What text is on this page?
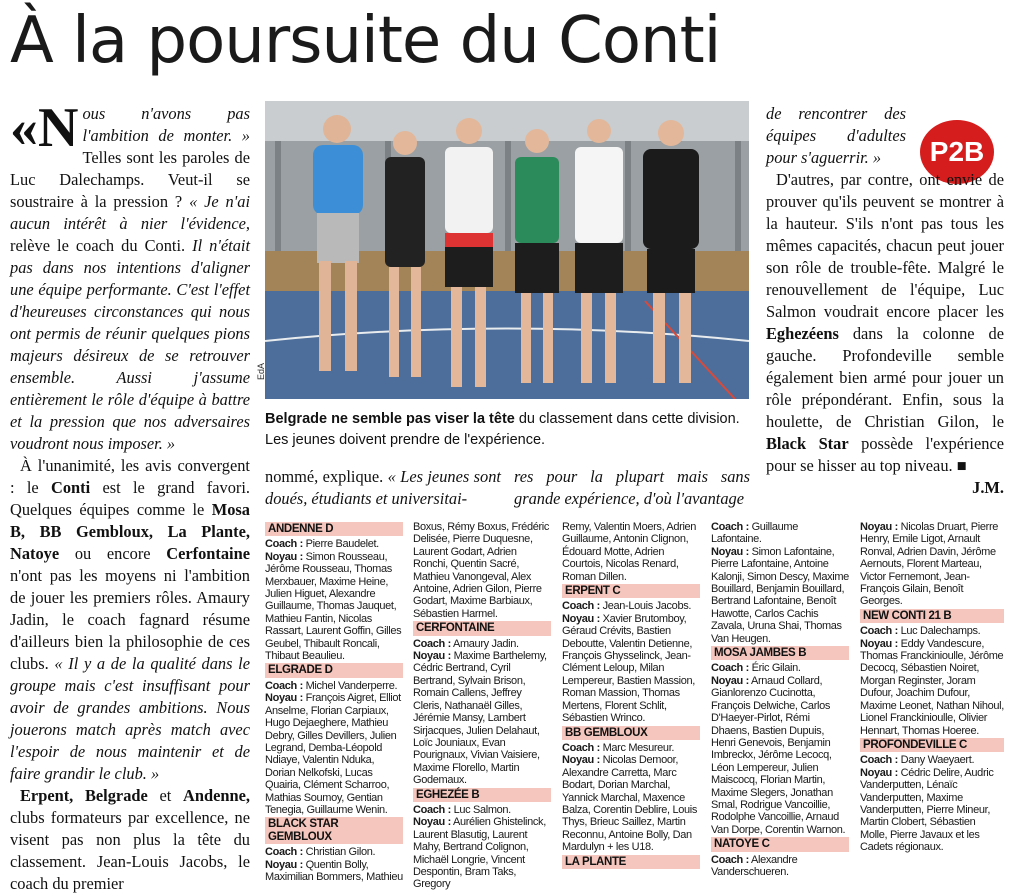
À la poursuite du Conti

«N ous n'avons pas l'ambition de monter. » Telles sont les paroles de Luc Dalechamps. Veut-il se soustraire à la pression ? « Je n'ai aucun intérêt à nier l'évidence, relève le coach du Conti. Il n'était pas dans nos intentions d'aligner une équipe performante. C'est l'effet d'heureuses circonstances qui nous ont permis de réunir quelques pions majeurs désireux de se retrouver ensemble. Aussi j'assume entièrement le rôle d'équipe à battre et la pression que nos adversaires voudront nous imposer. »

À l'unanimité, les avis convergent : le Conti est le grand favori. Quelques équipes comme le Mosa B, BB Gembloux, La Plante, Natoye ou encore Cerfontaine n'ont pas les moyens ni l'ambition de jouer les premiers rôles. Amaury Jadin, le coach fagnard résume d'ailleurs bien la philosophie de ces clubs. « Il y a de la qualité dans le groupe mais c'est insuffisant pour avoir de grandes ambitions. Nous jouerons match après match avec l'espoir de nous maintenir et de faire grandir le club. »

Erpent, Belgrade et Andenne, clubs formateurs par excellence, ne visent pas non plus la tête du classement. Jean-Louis Jacobs, le coach du premier

EdA
Belgrade ne semble pas viser la tête du classement dans cette division. Les jeunes doivent prendre de l'expérience.
nommé, explique. « Les jeunes sont doués, étudiants et universitai-
res pour la plupart mais sans grande expérience, d'où l'avantage
P2B

de rencontrer des équipes d'adultes pour s'aguerrir. »

D'autres, par contre, ont envie de prouver qu'ils peuvent se montrer à la hauteur. S'ils n'ont pas tous les mêmes capacités, chacun peut jouer son rôle de trouble-fête. Malgré le renouvellement de l'équipe, Luc Salmon voudrait encore placer les Eghezéens dans la colonne de gauche. Profondeville semble également bien armé pour jouer un rôle prépondérant. Enfin, sous la houlette, de Christian Gilon, le Black Star possède l'expérience pour se hisser au top niveau. ■
J.M.

ANDENNE D

Coach : Pierre Baudelet.
Noyau : Simon Rousseau, Jérôme Rousseau, Thomas Merxbauer, Maxime Heine, Julien Higuet, Alexandre Guillaume, Thomas Jauquet, Mathieu Fantin, Nicolas Rassart, Laurent Goffin, Gilles Geubel, Thibault Roncali, Thibaut Beaulieu.

ELGRADE D

Coach : Michel Vanderperre.
Noyau : François Aigret, Elliot Anselme, Florian Carpiaux, Hugo Dejaeghere, Mathieu Debry, Gilles Devillers, Julien Legrand, Demba-Léopold Ndiaye, Valentin Nduka, Dorian Nelkofski, Lucas Quairia, Clément Scharroo, Mathias Soumoy, Gentian Tenegia, Guillaume Wenin.

BLACK STAR GEMBLOUX

Coach : Christian Gilon.
Noyau : Quentin Bolly, Maximilian Bommers, Mathieu

Boxus, Rémy Boxus, Frédéric Delisée, Pierre Duquesne, Laurent Godart, Adrien Ronchi, Quentin Sacré, Mathieu Vanongeval, Alex Antoine, Adrien Gilon, Pierre Godart, Maxime Barbiaux, Sébastien Harmel.

CERFONTAINE

Coach : Amaury Jadin.
Noyau : Maxime Barthelemy, Cédric Bertrand, Cyril Bertrand, Sylvain Brison, Romain Callens, Jeffrey Cleris, Nathanaël Gilles, Jérémie Mansy, Lambert Sirjacques, Julien Delahaut, Loïc Jouniaux, Evan Pourignaux, Vivian Vaisiere, Maxime Florello, Martin Godemaux.

EGHEZÉE B

Coach : Luc Salmon.
Noyau : Aurélien Ghistelinck, Laurent Blasutig, Laurent Mahy, Bertrand Colignon, Michaël Longrie, Vincent Despontin, Bram Taks, Gregory

Remy, Valentin Moers, Adrien Guillaume, Antonin Clignon, Édouard Motte, Adrien Courtois, Nicolas Renard, Roman Dillen.

ERPENT C

Coach : Jean-Louis Jacobs.
Noyau : Xavier Brutomboy, Géraud Crévits, Bastien Deboutte, Valentin Detienne, François Ghysselinck, Jean-Clément Leloup, Milan Lempereur, Bastien Massion, Roman Massion, Thomas Mertens, Florent Schlit, Sébastien Wrinco.

BB GEMBLOUX

Coach : Marc Mesureur.
Noyau : Nicolas Demoor, Alexandre Carretta, Marc Bodart, Dorian Marchal, Yannick Marchal, Maxence Balza, Corentin Deblire, Louis Thys, Brieuc Saillez, Martin Reconnu, Antoine Bolly, Dan Mardulyn + les U18.

LA PLANTE

Coach : Guillaume Lafontaine.
Noyau : Simon Lafontaine, Pierre Lafontaine, Antoine Kalonji, Simon Descy, Maxime Bouillard, Benjamin Bouillard, Bertrand Lafontaine, Benoît Hawotte, Carlos Cachis Zavala, Uruna Shai, Thomas Van Heugen.

MOSA JAMBES B

Coach : Éric Gilain.
Noyau : Arnaud Collard, Gianlorenzo Cucinotta, François Delwiche, Carlos D'Haeyer-Pirlot, Rémi Dhaens, Bastien Dupuis, Henri Genevois, Benjamin Imbreckx, Jérôme Lecocq, Léon Lempereur, Julien Maiscocq, Florian Martin, Maxime Slegers, Jonathan Smal, Rodrigue Vancoillie, Rodolphe Vancoillie, Arnaud Van Dorpe, Corentin Warnon.

NATOYE C

Coach : Alexandre Vanderschueren.

Noyau : Nicolas Druart, Pierre Henry, Emile Ligot, Arnault Ronval, Adrien Davin, Jérôme Aernouts, Florent Marteau, Victor Fernemont, Jean-François Gilain, Benoît Georges.

NEW CONTI 21 B

Coach : Luc Dalechamps.
Noyau : Eddy Vandescure, Thomas Franckinioulle, Jérôme Decocq, Sébastien Noiret, Morgan Reginster, Joram Dufour, Joachim Dufour, Maxime Leonet, Nathan Nihoul, Lionel Franckinioulle, Olivier Hennart, Thomas Hoeree.

PROFONDEVILLE C

Coach : Dany Waeyaert.
Noyau : Cédric Delire, Audric Vanderputten, Lénaïc Vanderputten, Maxime Vanderputten, Pierre Mineur, Martin Clobert, Sébastien Molle, Pierre Javaux et les Cadets régionaux.
